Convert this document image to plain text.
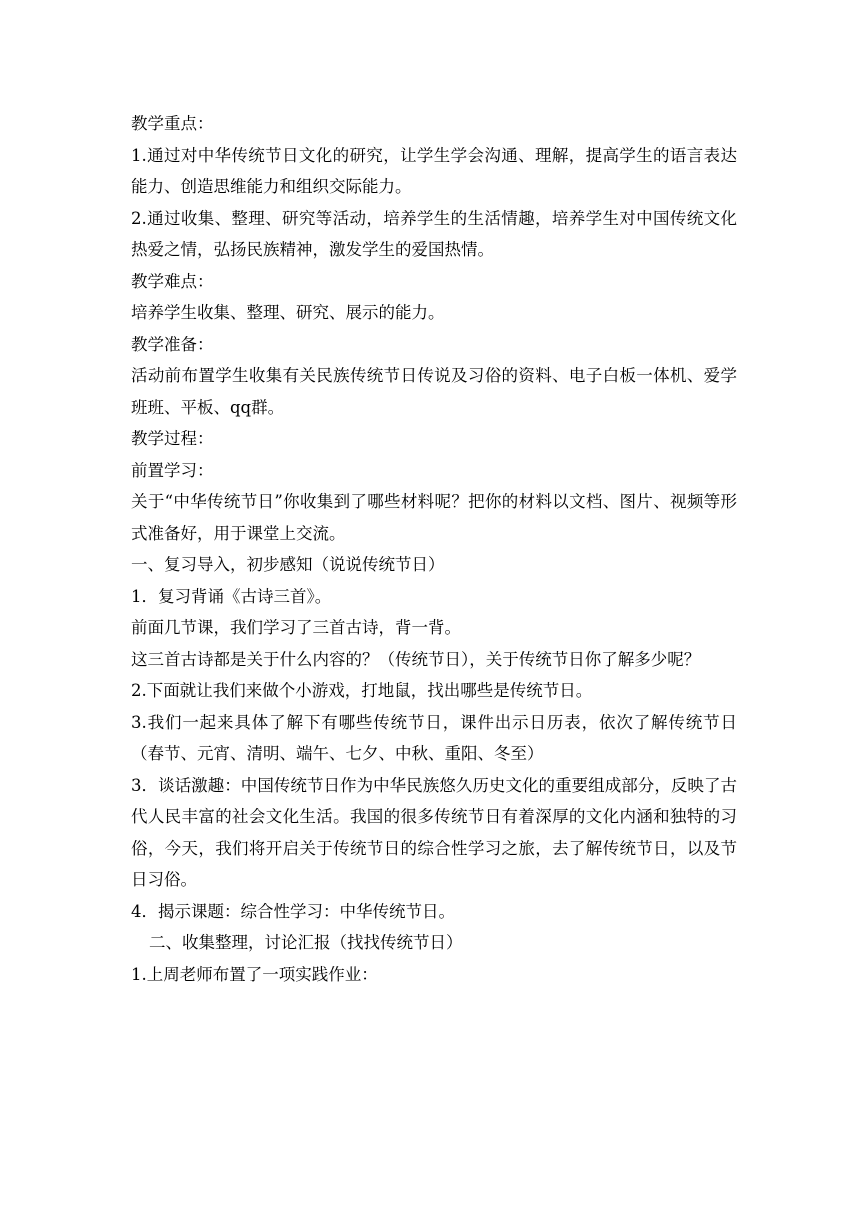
教学重点：

1.通过对中华传统节日文化的研究，让学生学会沟通、理解，提高学生的语言表达能力、创造思维能力和组织交际能力。

2.通过收集、整理、研究等活动，培养学生的生活情趣，培养学生对中国传统文化热爱之情，弘扬民族精神，激发学生的爱国热情。

教学难点：

培养学生收集、整理、研究、展示的能力。

教学准备：

活动前布置学生收集有关民族传统节日传说及习俗的资料、电子白板一体机、爱学班班、平板、qq群。

教学过程：

前置学习：

关于“中华传统节日”你收集到了哪些材料呢？把你的材料以文档、图片、视频等形式准备好，用于课堂上交流。

一、复习导入，初步感知（说说传统节日）

1．复习背诵《古诗三首》。

前面几节课，我们学习了三首古诗，背一背。

这三首古诗都是关于什么内容的？（传统节日），关于传统节日你了解多少呢？

2.下面就让我们来做个小游戏，打地鼠，找出哪些是传统节日。

3.我们一起来具体了解下有哪些传统节日，课件出示日历表，依次了解传统节日（春节、元宵、清明、端午、七夕、中秋、重阳、冬至）

3．谈话激趣：中国传统节日作为中华民族悠久历史文化的重要组成部分，反映了古代人民丰富的社会文化生活。我国的很多传统节日有着深厚的文化内涵和独特的习俗，今天，我们将开启关于传统节日的综合性学习之旅，去了解传统节日，以及节日习俗。

4．揭示课题：综合性学习：中华传统节日。

二、收集整理，讨论汇报（找找传统节日）

1.上周老师布置了一项实践作业：
